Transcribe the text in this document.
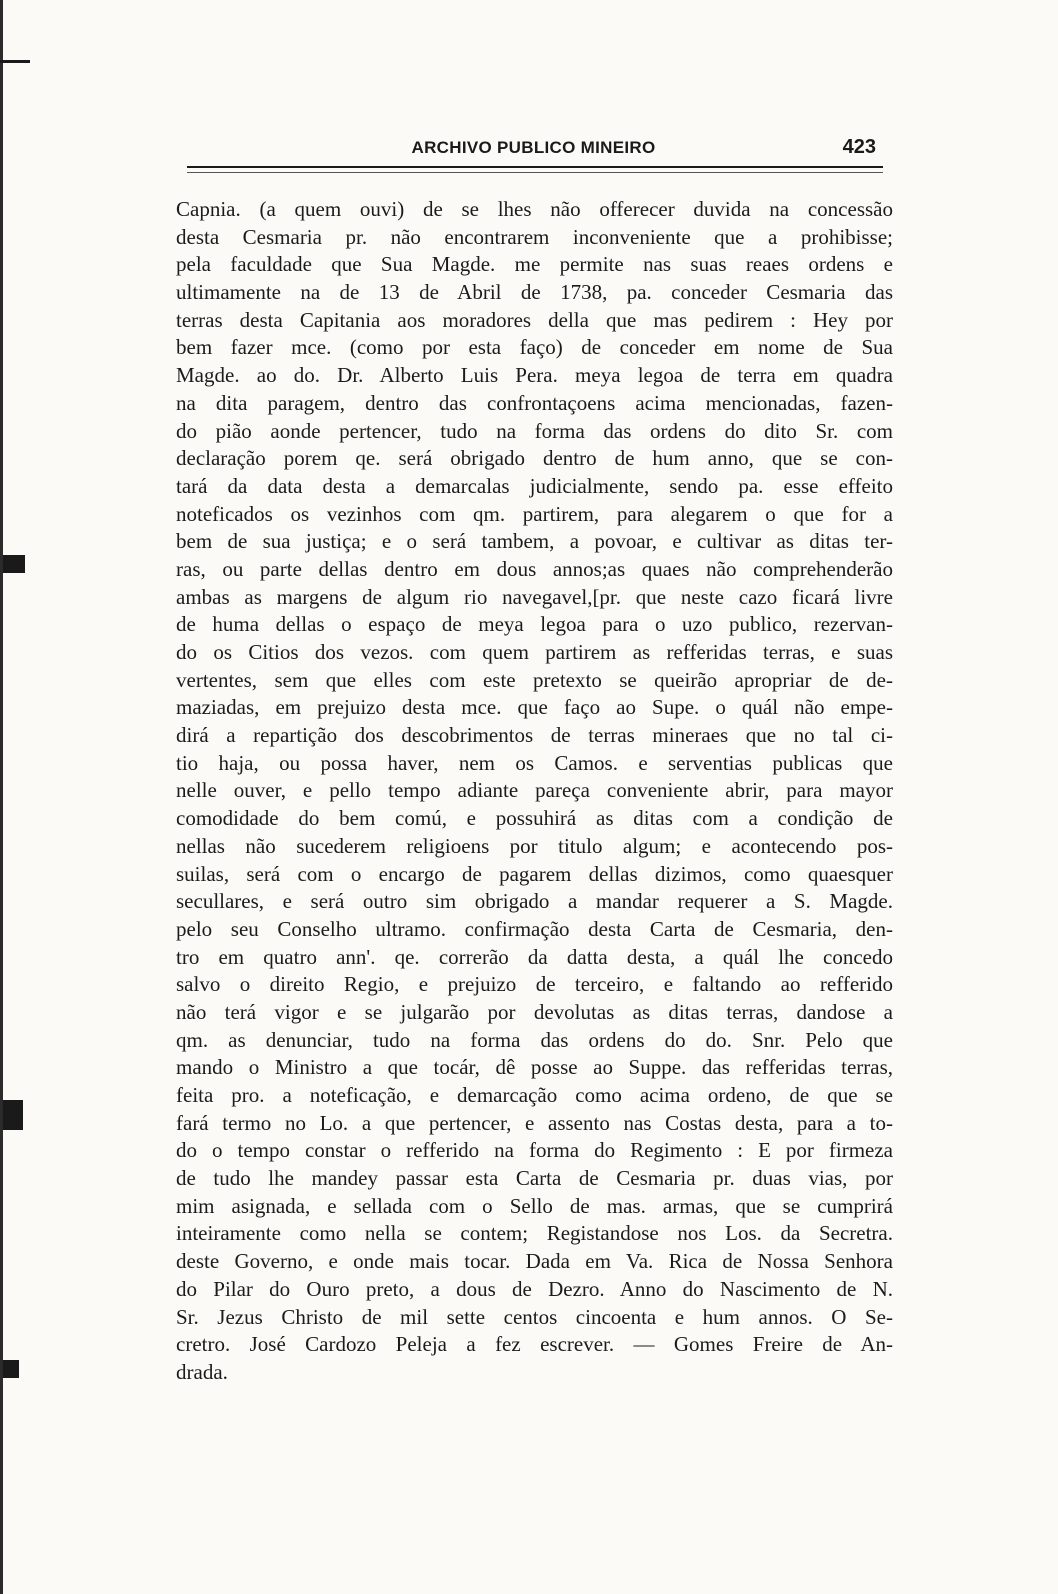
ARCHIVO PUBLICO MINEIRO	423
Capnia. (a quem ouvi) de se lhes não offerecer duvida na concessão
desta Cesmaria pr. não encontrarem inconveniente que a prohibisse;
pela faculdade que Sua Magde. me permite nas suas reaes ordens e
ultimamente na de 13 de Abril de 1738, pa. conceder Cesmaria das
terras desta Capitania aos moradores della que mas pedirem : Hey por
bem fazer mce. (como por esta faço) de conceder em nome de Sua
Magde. ao do. Dr. Alberto Luis Pera. meya legoa de terra em quadra
na dita paragem, dentro das confrontaçoens acima mencionadas, fazen-
do pião aonde pertencer, tudo na forma das ordens do dito Sr. com
declaração porem qe. será obrigado dentro de hum anno, que se con-
tará da data desta a demarcalas judicialmente, sendo pa. esse effeito
noteficados os vezinhos com qm. partirem, para alegarem o que for a
bem de sua justiça; e o será tambem, a povoar, e cultivar as ditas ter-
ras, ou parte dellas dentro em dous annos;as quaes não comprehenderão
ambas as margens de algum rio navegavel,[pr. que neste cazo ficará livre
de huma dellas o espaço de meya legoa para o uzo publico, rezervan-
do os Citios dos vezos. com quem partirem as refferidas terras, e suas
vertentes, sem que elles com este pretexto se queirão apropriar de de-
maziadas, em prejuizo desta mce. que faço ao Supe. o quál não empe-
dirá a repartição dos descobrimentos de terras mineraes que no tal ci-
tio haja, ou possa haver, nem os Camos. e serventias publicas que
nelle ouver, e pello tempo adiante pareça conveniente abrir, para mayor
comodidade do bem comú, e possuhirá as ditas com a condição de
nellas não sucederem religioens por titulo algum; e acontecendo pos-
suilas, será com o encargo de pagarem dellas dizimos, como quaesquer
secullares, e será outro sim obrigado a mandar requerer a S. Magde.
pelo seu Conselho ultramo. confirmação desta Carta de Cesmaria, den-
tro em quatro ann'. qe. correrão da datta desta, a quál lhe concedo
salvo o direito Regio, e prejuizo de terceiro, e faltando ao refferido
não terá vigor e se julgarão por devolutas as ditas terras, dandose a
qm. as denunciar, tudo na forma das ordens do do. Snr. Pelo que
mando o Ministro a que tocár, dê posse ao Suppe. das refferidas terras,
feita pro. a noteficação, e demarcação como acima ordeno, de que se
fará termo no Lo. a que pertencer, e assento nas Costas desta, para a to-
do o tempo constar o refferido na forma do Regimento : E por firmeza
de tudo lhe mandey passar esta Carta de Cesmaria pr. duas vias, por
mim asignada, e sellada com o Sello de mas. armas, que se cumprirá
inteiramente como nella se contem; Registandose nos Los. da Secretra.
deste Governo, e onde mais tocar. Dada em Va. Rica de Nossa Senhora
do Pilar do Ouro preto, a dous de Dezro. Anno do Nascimento de N.
Sr. Jezus Christo de mil sette centos cincoenta e hum annos. O Se-
cretro. José Cardozo Peleja a fez escrever. — Gomes Freire de An-
drada.
